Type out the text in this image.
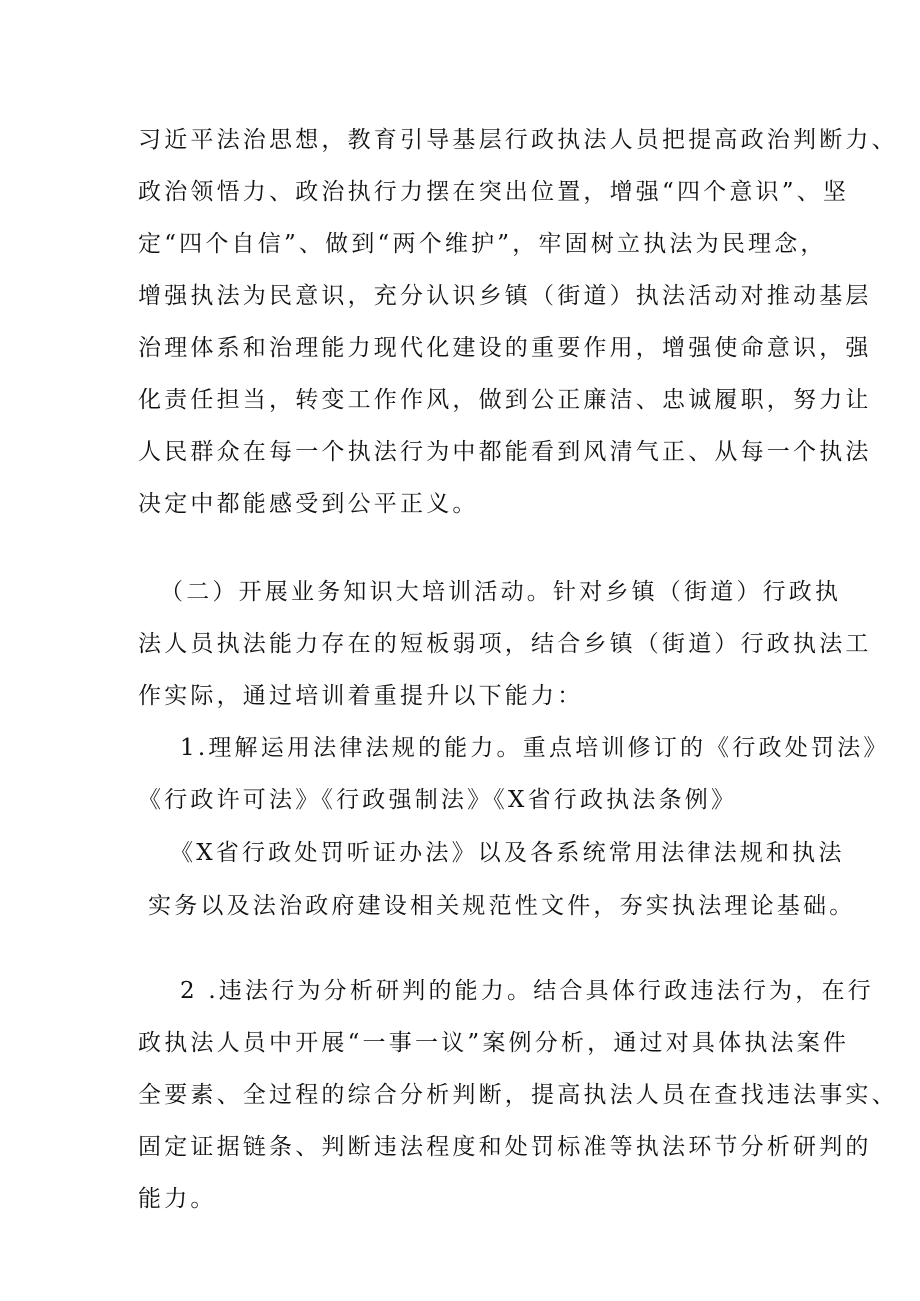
习近平法治思想，教育引导基层行政执法人员把提高政治判断力、
政治领悟力、政治执行力摆在突出位置，增强“四个意识”、坚
定“四个自信”、做到“两个维护”，牢固树立执法为民理念，
增强执法为民意识，充分认识乡镇（街道）执法活动对推动基层
治理体系和治理能力现代化建设的重要作用，增强使命意识，强
化责任担当，转变工作作风，做到公正廉洁、忠诚履职，努力让
人民群众在每一个执法行为中都能看到风清气正、从每一个执法
决定中都能感受到公平正义。
（二）开展业务知识大培训活动。针对乡镇（街道）行政执
法人员执法能力存在的短板弱项，结合乡镇（街道）行政执法工
作实际，通过培训着重提升以下能力：
1.理解运用法律法规的能力。重点培训修订的《行政处罚法》
《行政许可法》《行政强制法》《X省行政执法条例》
《X省行政处罚听证办法》以及各系统常用法律法规和执法
实务以及法治政府建设相关规范性文件，夯实执法理论基础。
2 .违法行为分析研判的能力。结合具体行政违法行为，在行
政执法人员中开展“一事一议”案例分析，通过对具体执法案件
全要素、全过程的综合分析判断，提高执法人员在查找违法事实、
固定证据链条、判断违法程度和处罚标准等执法环节分析研判的
能力。
